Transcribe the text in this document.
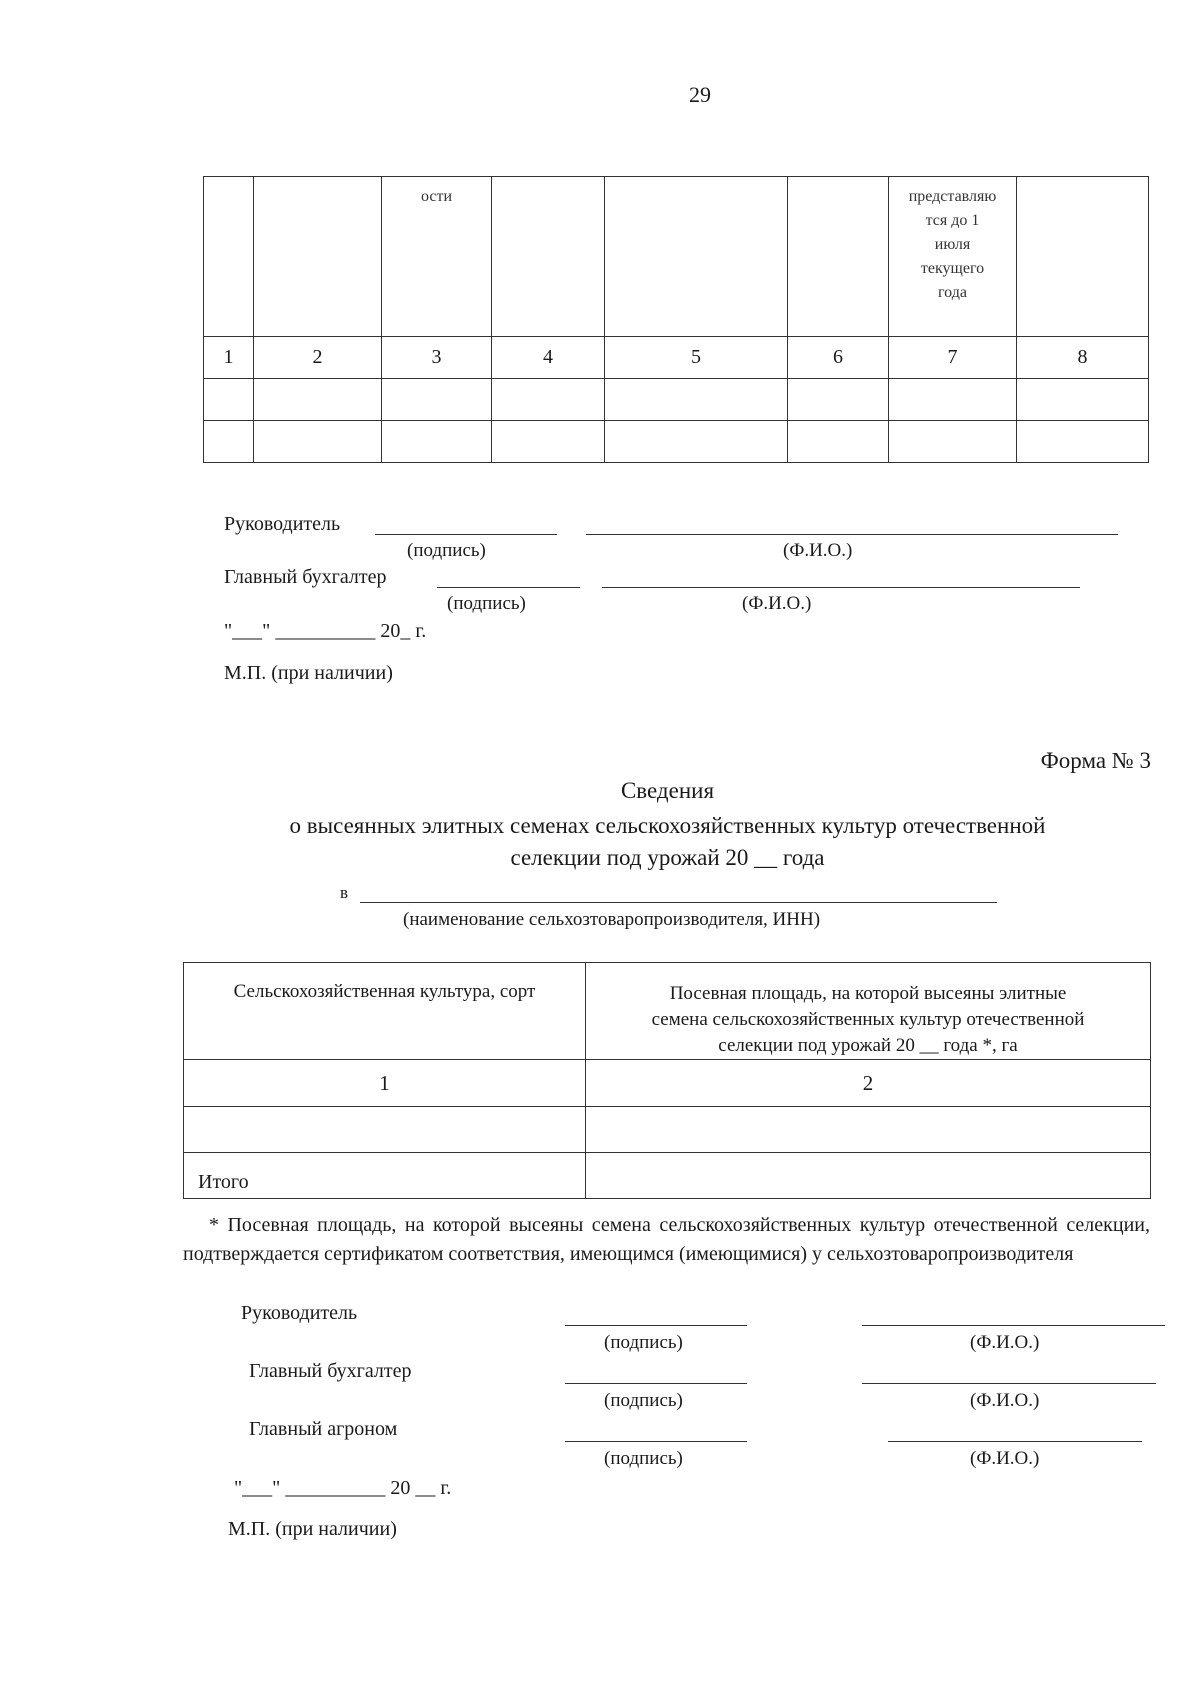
29
		ости				представляю
тся до 1
июля
текущего
года	

1	2	3	4	5	6	7	8

Руководитель
(подпись)	(Ф.И.О.)
Главный бухгалтер
(подпись)	(Ф.И.О.)
"___" __________ 20_ г.
М.П. (при наличии)
Форма № 3
Сведения
о высеянных элитных семенах сельскохозяйственных культур отечественной
селекции под урожай 20 __ года
в
(наименование сельхозтоваропроизводителя, ИНН)
Сельскохозяйственная культура, сорт	Посевная площадь, на которой высеяны элитные
семена сельскохозяйственных культур отечественной
селекции под урожай 20 __ года *, га

1	2

Итого	

* Посевная площадь, на которой высеяны семена сельскохозяйственных культур отечественной селекции, подтверждается сертификатом соответствия, имеющимся (имеющимися) у сельхозтоваропроизводителя

Руководитель
(подпись)	(Ф.И.О.)
Главный бухгалтер
(подпись)	(Ф.И.О.)
Главный агроном
(подпись)	(Ф.И.О.)
"___" __________ 20 __ г.
М.П. (при наличии)
